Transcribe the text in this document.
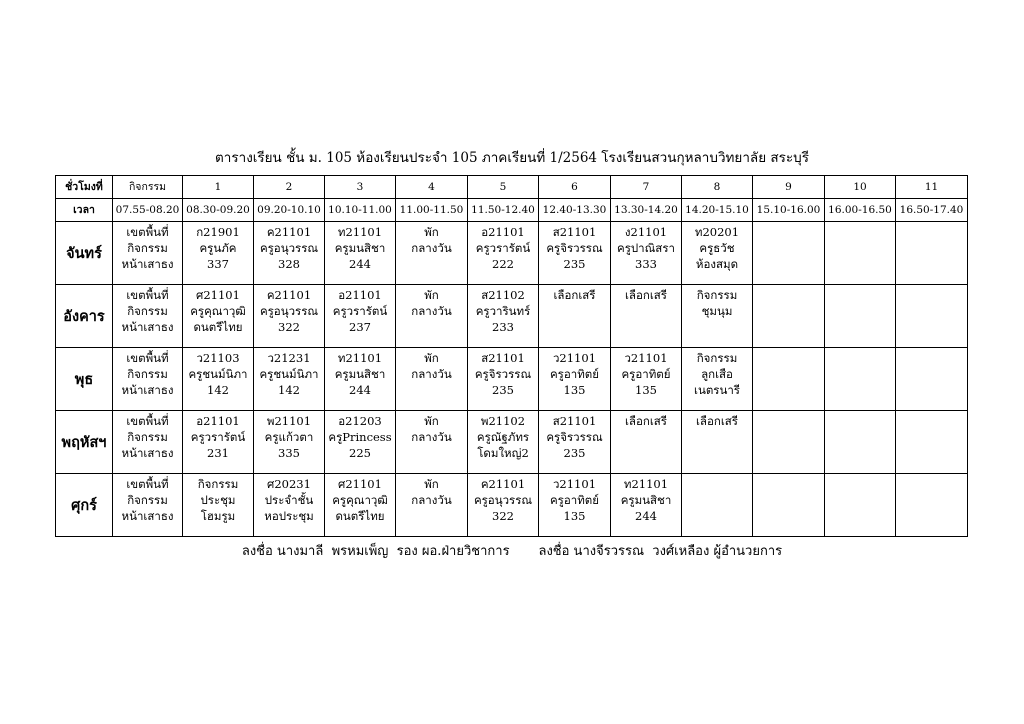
ตารางเรียน ชั้น ม. 105 ห้องเรียนประจำ 105 ภาคเรียนที่ 1/2564 โรงเรียนสวนกุหลาบวิทยาลัย สระบุรี
ชั่วโมงที่	กิจกรรม	1	2	3	4	5	6	7	8	9	10	11
เวลา	07.55-08.20	08.30-09.20	09.20-10.10	10.10-11.00	11.00-11.50	11.50-12.40	12.40-13.30	13.30-14.20	14.20-15.10	15.10-16.00	16.00-16.50	16.50-17.40
จันทร์	เขตพื้นที่
กิจกรรม
หน้าเสาธง	ก21901
ครูนภัค
337	ค21101
ครูอนุวรรณ
328	ท21101
ครูมนสิชา
244	พัก
กลางวัน	อ21101
ครูวรารัตน์
222	ส21101
ครูจิรวรรณ
235	ง21101
ครูปาณิสรา
333	ท20201
ครูธวัช
ห้องสมุด			

อังคาร	เขตพื้นที่
กิจกรรม
หน้าเสาธง	ศ21101
ครูคุณาวุฒิ
ดนตรีไทย	ค21101
ครูอนุวรรณ
322	อ21101
ครูวรารัตน์
237	พัก
กลางวัน	ส21102
ครูวารินทร์
233	เลือกเสรี	เลือกเสรี	กิจกรรม
ชุมนุม			

พุธ	เขตพื้นที่
กิจกรรม
หน้าเสาธง	ว21103
ครูชนม์นิภา
142	ว21231
ครูชนม์นิภา
142	ท21101
ครูมนสิชา
244	พัก
กลางวัน	ส21101
ครูจิรวรรณ
235	ว21101
ครูอาทิตย์
135	ว21101
ครูอาทิตย์
135	กิจกรรม
ลูกเสือ
เนตรนารี			

พฤหัสฯ	เขตพื้นที่
กิจกรรม
หน้าเสาธง	อ21101
ครูวรารัตน์
231	พ21101
ครูแก้วตา
335	อ21203
ครูPrincess
225	พัก
กลางวัน	พ21102
ครูณัฐภัทร
โดมใหญ่2	ส21101
ครูจิรวรรณ
235	เลือกเสรี	เลือกเสรี			

ศุกร์	เขตพื้นที่
กิจกรรม
หน้าเสาธง	กิจกรรม
ประชุม
โฮมรูม	ศ20231
ประจำชั้น
หอประชุม	ศ21101
ครูคุณาวุฒิ
ดนตรีไทย	พัก
กลางวัน	ค21101
ครูอนุวรรณ
322	ว21101
ครูอาทิตย์
135	ท21101
ครูมนสิชา
244				

ลงชื่อ นางมาลี  พรหมเพ็ญ  รอง ผอ.ฝ่ายวิชาการ       ลงชื่อ นางจีรวรรณ  วงศ์เหลือง ผู้อำนวยการ
